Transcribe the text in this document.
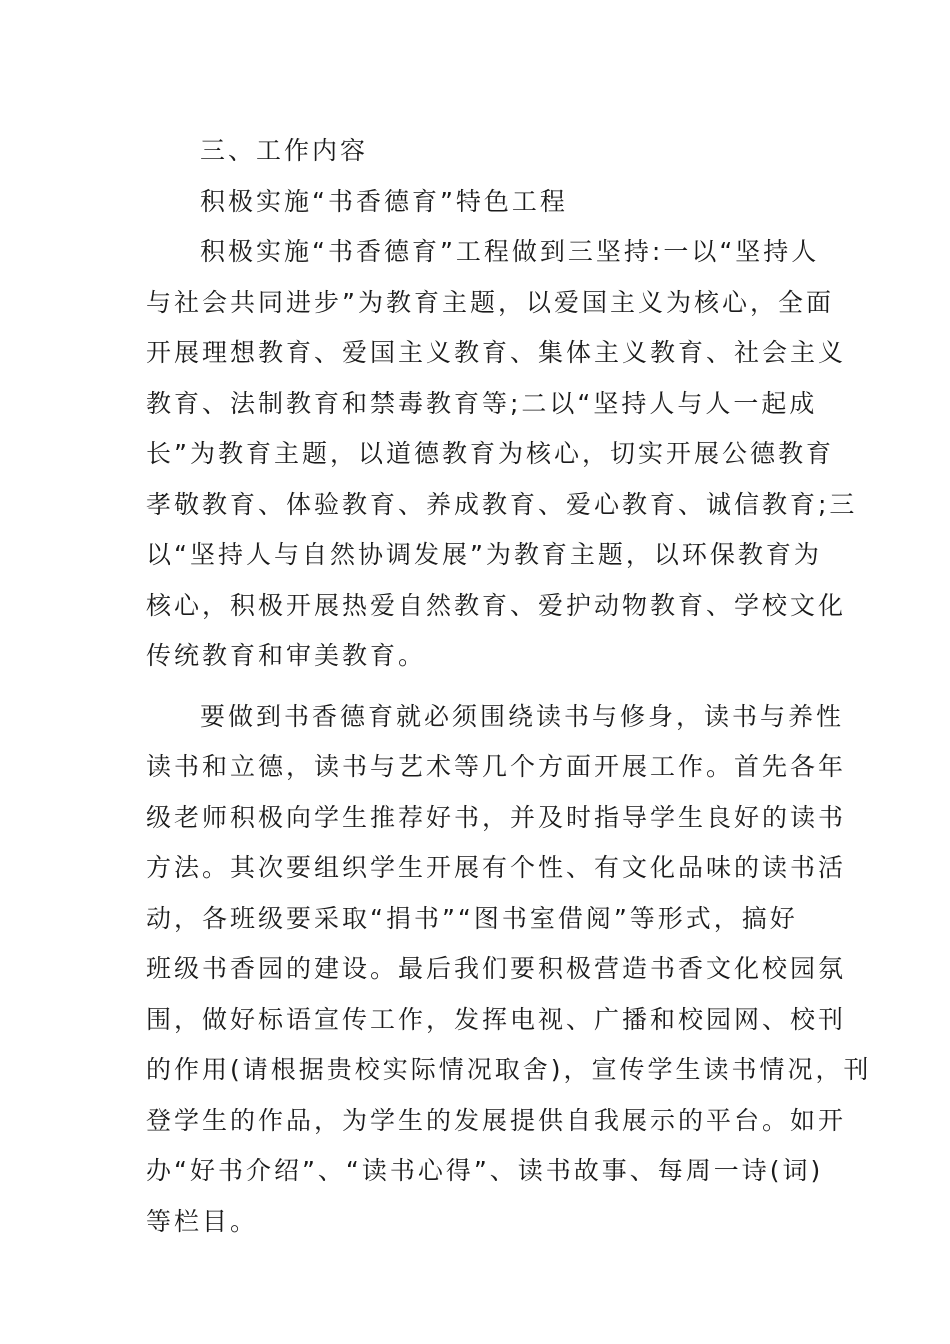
三、工作内容
积极实施“书香德育”特色工程
积极实施“书香德育”工程做到三坚持:一以“坚持人
与社会共同进步”为教育主题，以爱国主义为核心，全面
开展理想教育、爱国主义教育、集体主义教育、社会主义
教育、法制教育和禁毒教育等;二以“坚持人与人一起成
长”为教育主题，以道德教育为核心，切实开展公德教育
孝敬教育、体验教育、养成教育、爱心教育、诚信教育;三
以“坚持人与自然协调发展”为教育主题，以环保教育为
核心，积极开展热爱自然教育、爱护动物教育、学校文化
传统教育和审美教育。
要做到书香德育就必须围绕读书与修身，读书与养性
读书和立德，读书与艺术等几个方面开展工作。首先各年
级老师积极向学生推荐好书，并及时指导学生良好的读书
方法。其次要组织学生开展有个性、有文化品味的读书活
动，各班级要采取“捐书”“图书室借阅”等形式，搞好
班级书香园的建设。最后我们要积极营造书香文化校园氛
围，做好标语宣传工作，发挥电视、广播和校园网、校刊
的作用(请根据贵校实际情况取舍)，宣传学生读书情况，刊
登学生的作品，为学生的发展提供自我展示的平台。如开
办“好书介绍”、“读书心得”、读书故事、每周一诗(词)
等栏目。
